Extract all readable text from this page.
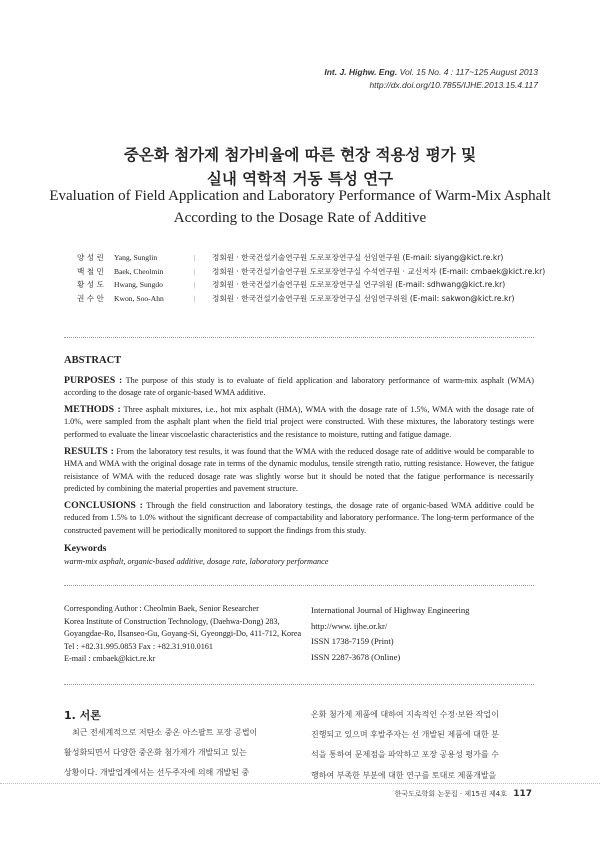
Int. J. Highw. Eng. Vol. 15 No. 4 : 117~125 August 2013
http://dx.doi.org/10.7855/IJHE.2013.15.4.117
중온화 첨가제 첨가비율에 따른 현장 적용성 평가 및
실내 역학적 거동 특성 연구
Evaluation of Field Application and Laboratory Performance of Warm-Mix Asphalt
According to the Dosage Rate of Additive
양 성 린	Yang, Sunglin	|	정회원 · 한국건설기술연구원 도로포장연구실 선임연구원 (E-mail: siyang@kict.re.kr)
백 철 민	Baek, Cheolmin	|	정회원 · 한국건설기술연구원 도로포장연구실 수석연구원 · 교신저자 (E-mail: cmbaek@kict.re.kr)
황 성 도	Hwang, Sungdo	|	정회원 · 한국건설기술연구원 도로포장연구실 연구위원 (E-mail: sdhwang@kict.re.kr)
권 수 안	Kwon, Soo-Ahn	|	정회원 · 한국건설기술연구원 도로포장연구실 선임연구위원 (E-mail: sakwon@kict.re.kr)
ABSTRACT
PURPOSES : The purpose of this study is to evaluate of field application and laboratory performance of warm-mix asphalt (WMA) according to the dosage rate of organic-based WMA additive.
METHODS : Three asphalt mixtures, i.e., hot mix asphalt (HMA), WMA with the dosage rate of 1.5%, WMA with the dosage rate of 1.0%, were sampled from the asphalt plant when the field trial project were constructed. With these mixtures, the laboratory testings were performed to evaluate the linear viscoelastic characteristics and the resistance to moisture, rutting and fatigue damage.
RESULTS : From the laboratory test results, it was found that the WMA with the reduced dosage rate of additive would be comparable to HMA and WMA with the original dosage rate in terms of the dynamic modulus, tensile strength ratio, rutting resistance. However, the fatigue reisistance of WMA with the reduced dosage rate was slightly worse but it should be noted that the fatigue performance is necessarily predicted by combining the material properties and pavement structure.
CONCLUSIONS : Through the field construction and laboratory testings, the dosage rate of organic-based WMA additive could be reduced from 1.5% to 1.0% without the significant decrease of compactability and laboratory performance. The long-term performance of the constructed pavement will be periodically monitored to support the findings from this study.
Keywords
warm-mix asphalt, organic-based additive, dosage rate, laboratory performance
Corresponding Author : Cheolmin Baek, Senior Researcher
Korea Institute of Construction Technology, (Daehwa-Dong) 283,
Goyangdae-Ro, Ilsanseo-Gu, Goyang-Si, Gyeonggi-Do, 411-712, Korea
Tel : +82.31.995.0853 Fax : +82.31.910.0161
E-mail : cmbaek@kict.re.kr
International Journal of Highway Engineering
http://www. ijhe.or.kr/
ISSN 1738-7159 (Print)
ISSN 2287-3678 (Online)
1. 서론
최근 전세계적으로 저탄소 중온 아스팔트 포장 공법이
활성화되면서 다양한 중온화 첨가제가 개발되고 있는
상황이다. 개발업계에서는 선두주자에 의해 개발된 중
온화 첨가제 제품에 대하여 지속적인 수정·보완 작업이
진행되고 있으며 후발주자는 선 개발된 제품에 대한 분
석을 통하여 문제점을 파악하고 포장 공용성 평가를 수
행하여 부족한 부분에 대한 연구를 토대로 제품개발을
한국도로학회 논문집 · 제15권 제4호 117
